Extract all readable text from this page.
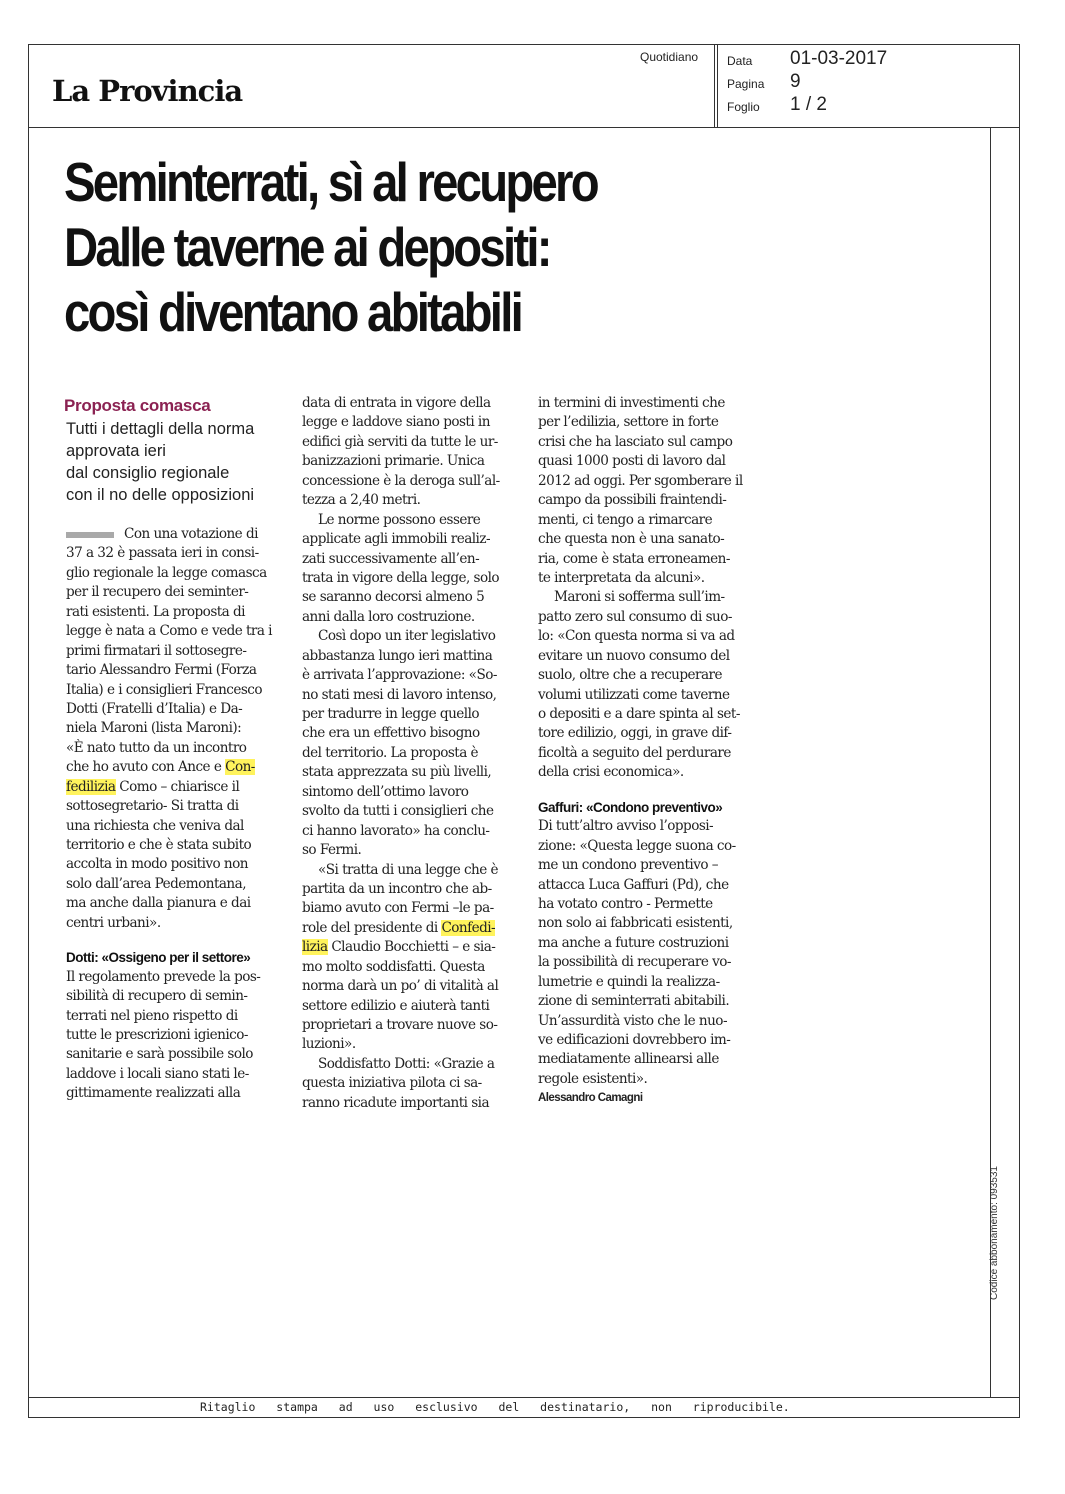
La Provincia
Quotidiano Data 01-03-2017
Pagina 9
Foglio 1 / 2
Seminterrati, sì al recupero
Dalle taverne ai depositi:
così diventano abitabili
Proposta comasca
Tutti i dettagli della norma
approvata ieri
dal consiglio regionale
con il no delle opposizioni
Con una votazione di
37 a 32 è passata ieri in consi-
glio regionale la legge comasca
per il recupero dei seminter-
rati esistenti. La proposta di
legge è nata a Como e vede tra i
primi firmatari il sottosegre-
tario Alessandro Fermi (Forza
Italia) e i consiglieri Francesco
Dotti (Fratelli d’Italia) e Da-
niela Maroni (lista Maroni):
«È nato tutto da un incontro
che ho avuto con Ance e Con-
fedilizia Como – chiarisce il
sottosegretario- Si tratta di
una richiesta che veniva dal
territorio e che è stata subito
accolta in modo positivo non
solo dall’area Pedemontana,
ma anche dalla pianura e dai
centri urbani».
Dotti: «Ossigeno per il settore»
Il regolamento prevede la pos-
sibilità di recupero di semin-
terrati nel pieno rispetto di
tutte le prescrizioni igienico-
sanitarie e sarà possibile solo
laddove i locali siano stati le-
gittimamente realizzati alla
data di entrata in vigore della
legge e laddove siano posti in
edifici già serviti da tutte le ur-
banizzazioni primarie. Unica
concessione è la deroga sull’al-
tezza a 2,40 metri.
Le norme possono essere
applicate agli immobili realiz-
zati successivamente all’en-
trata in vigore della legge, solo
se saranno decorsi almeno 5
anni dalla loro costruzione.
Così dopo un iter legislativo
abbastanza lungo ieri mattina
è arrivata l’approvazione: «So-
no stati mesi di lavoro intenso,
per tradurre in legge quello
che era un effettivo bisogno
del territorio. La proposta è
stata apprezzata su più livelli,
sintomo dell’ottimo lavoro
svolto da tutti i consiglieri che
ci hanno lavorato» ha conclu-
so Fermi.
«Si tratta di una legge che è
partita da un incontro che ab-
biamo avuto con Fermi –le pa-
role del presidente di Confedi-
lizia Claudio Bocchietti – e sia-
mo molto soddisfatti. Questa
norma darà un po’ di vitalità al
settore edilizio e aiuterà tanti
proprietari a trovare nuove so-
luzioni».
Soddisfatto Dotti: «Grazie a
questa iniziativa pilota ci sa-
ranno ricadute importanti sia
in termini di investimenti che
per l’edilizia, settore in forte
crisi che ha lasciato sul campo
quasi 1000 posti di lavoro dal
2012 ad oggi. Per sgomberare il
campo da possibili fraintendi-
menti, ci tengo a rimarcare
che questa non è una sanato-
ria, come è stata erroneamen-
te interpretata da alcuni».
Maroni si sofferma sull’im-
patto zero sul consumo di suo-
lo: «Con questa norma si va ad
evitare un nuovo consumo del
suolo, oltre che a recuperare
volumi utilizzati come taverne
o depositi e a dare spinta al set-
tore edilizio, oggi, in grave dif-
ficoltà a seguito del perdurare
della crisi economica».
Gaffuri: «Condono preventivo»
Di tutt’altro avviso l’opposi-
zione: «Questa legge suona co-
me un condono preventivo –
attacca Luca Gaffuri (Pd), che
ha votato contro - Permette
non solo ai fabbricati esistenti,
ma anche a future costruzioni
la possibilità di recuperare vo-
lumetrie e quindi la realizza-
zione di seminterrati abitabili.
Un’assurdità visto che le nuo-
ve edificazioni dovrebbero im-
mediatamente allinearsi alle
regole esistenti».
Alessandro Camagni
Ritaglio stampa ad uso esclusivo del destinatario, non riproducibile.
Codice abbonamento: 093531
